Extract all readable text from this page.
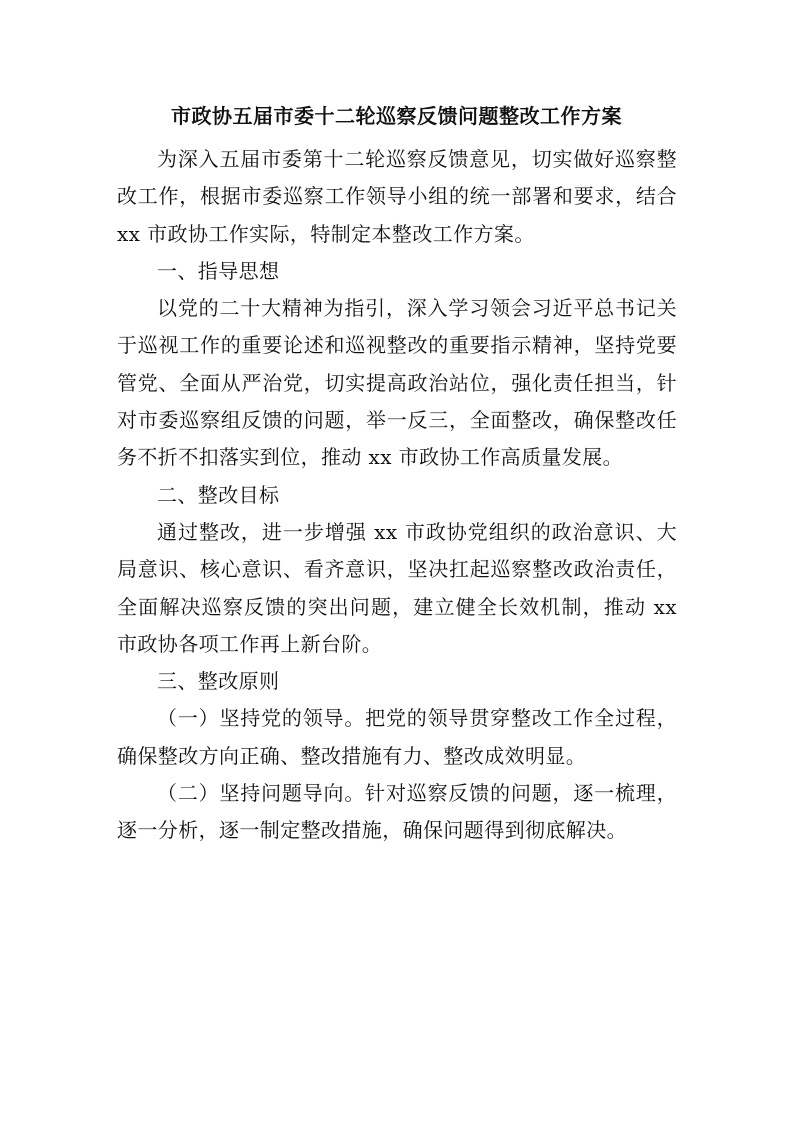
市政协五届市委十二轮巡察反馈问题整改工作方案

为深入五届市委第十二轮巡察反馈意见，切实做好巡察整改工作，根据市委巡察工作领导小组的统一部署和要求，结合 xx 市政协工作实际，特制定本整改工作方案。

一、指导思想

以党的二十大精神为指引，深入学习领会习近平总书记关于巡视工作的重要论述和巡视整改的重要指示精神，坚持党要管党、全面从严治党，切实提高政治站位，强化责任担当，针对市委巡察组反馈的问题，举一反三，全面整改，确保整改任务不折不扣落实到位，推动 xx 市政协工作高质量发展。

二、整改目标

通过整改，进一步增强 xx 市政协党组织的政治意识、大局意识、核心意识、看齐意识，坚决扛起巡察整改政治责任，全面解决巡察反馈的突出问题，建立健全长效机制，推动 xx 市政协各项工作再上新台阶。

三、整改原则

（一）坚持党的领导。把党的领导贯穿整改工作全过程，确保整改方向正确、整改措施有力、整改成效明显。

（二）坚持问题导向。针对巡察反馈的问题，逐一梳理，逐一分析，逐一制定整改措施，确保问题得到彻底解决。
